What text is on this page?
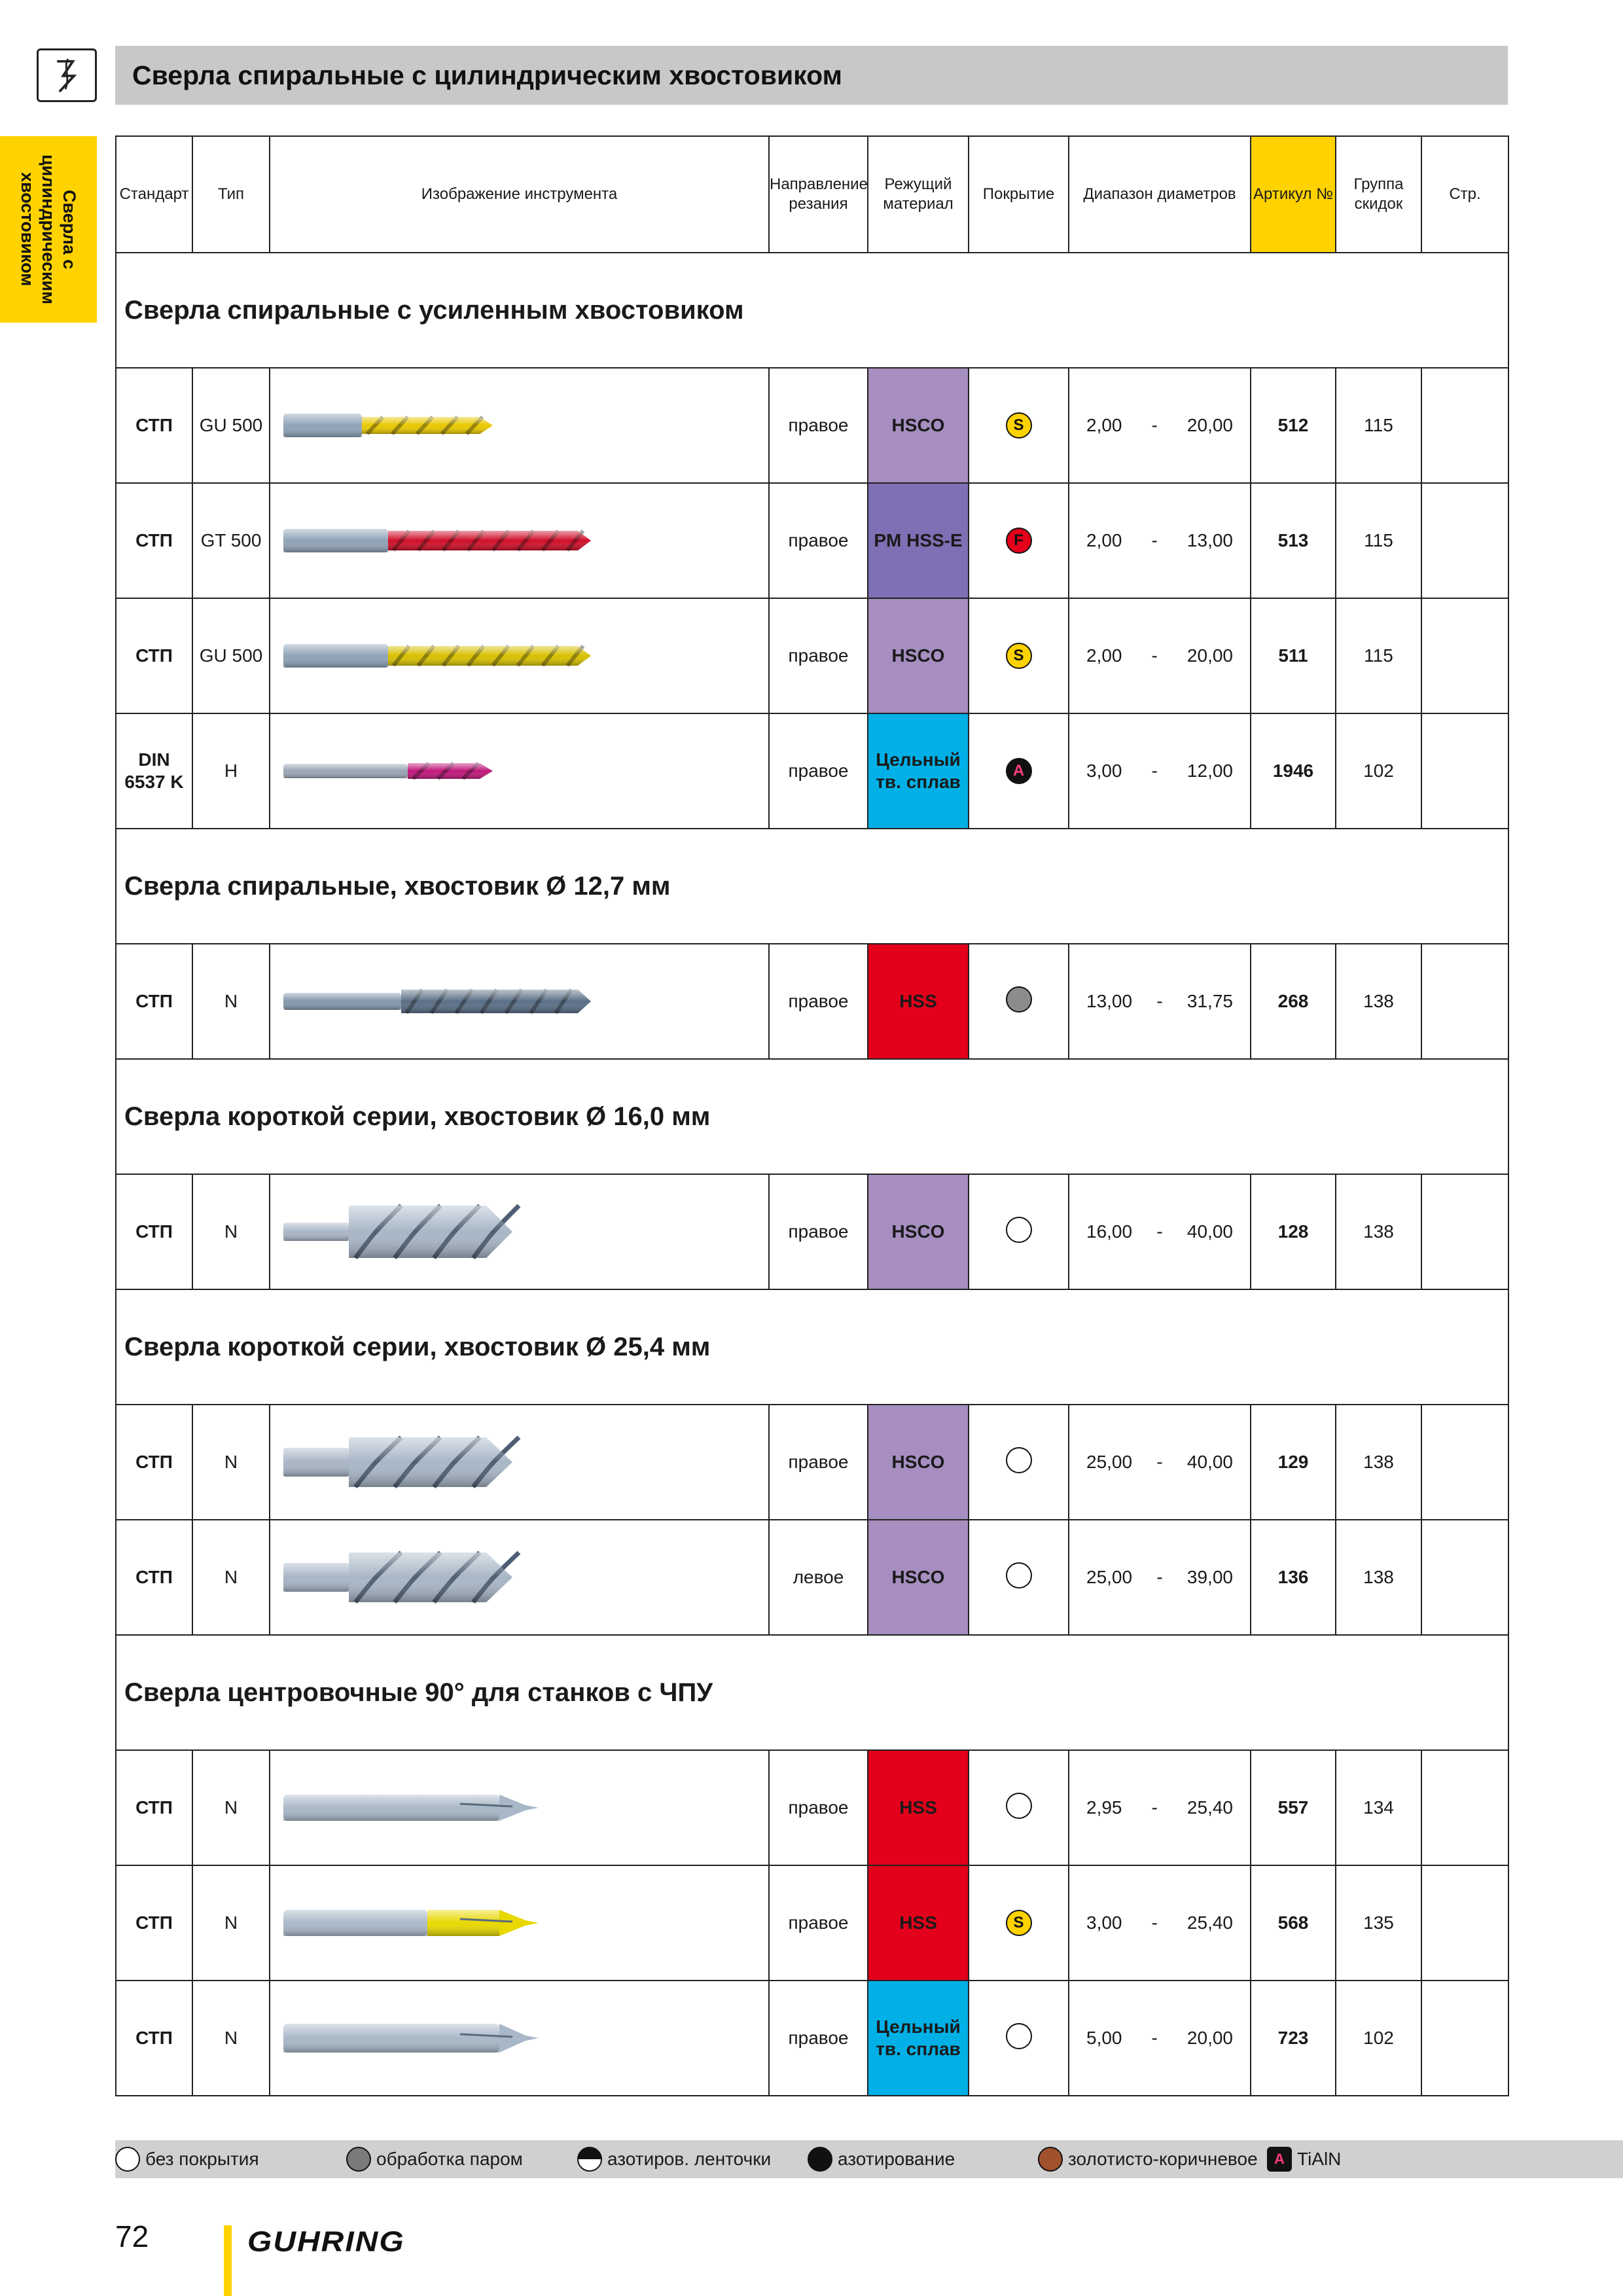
Сверла спиральные с цилиндрическим хвостовиком
Сверла с цилиндрическим хвостовиком	Стандарт	Тип	Изображение инструмента	Направление резания	Режущий материал	Покрытие	Диапазон диаметров	Артикул №	Группа скидок	Стр.
Сверла спиральные с усиленным хвостовиком									
СТП	GU 500		правое	HSCO	S	2,00 - 20,00	512	115	
СТП	GT 500		правое	PM HSS-E	F	2,00 - 13,00	513	115	
СТП	GU 500		правое	HSCO	S	2,00 - 20,00	511	115	
DIN 6537 K	H		правое	Цельный тв. сплав	A	3,00 - 12,00	1946	102	
Сверла спиральные, хвостовик Ø 12,7 мм									
СТП	N		правое	HSS		13,00 - 31,75	268	138	
Сверла короткой серии, хвостовик Ø 16,0 мм									
СТП	N		правое	HSCO		16,00 - 40,00	128	138	
Сверла короткой серии, хвостовик Ø 25,4 мм									
СТП	N		правое	HSCO		25,00 - 40,00	129	138	
СТП	N		левое	HSCO		25,00 - 39,00	136	138	
Сверла центровочные 90° для станков с ЧПУ									
СТП	N		правое	HSS		2,95 - 25,40	557	134	
СТП	N		правое	HSS	S	3,00 - 25,40	568	135	
СТП	N		правое	Цельный тв. сплав		5,00 - 20,00	723	102	
без покрытия	обработка паром	азотиров. ленточки	азотирование	золотисто-коричневое	A TiAlN
72	GUHRING
